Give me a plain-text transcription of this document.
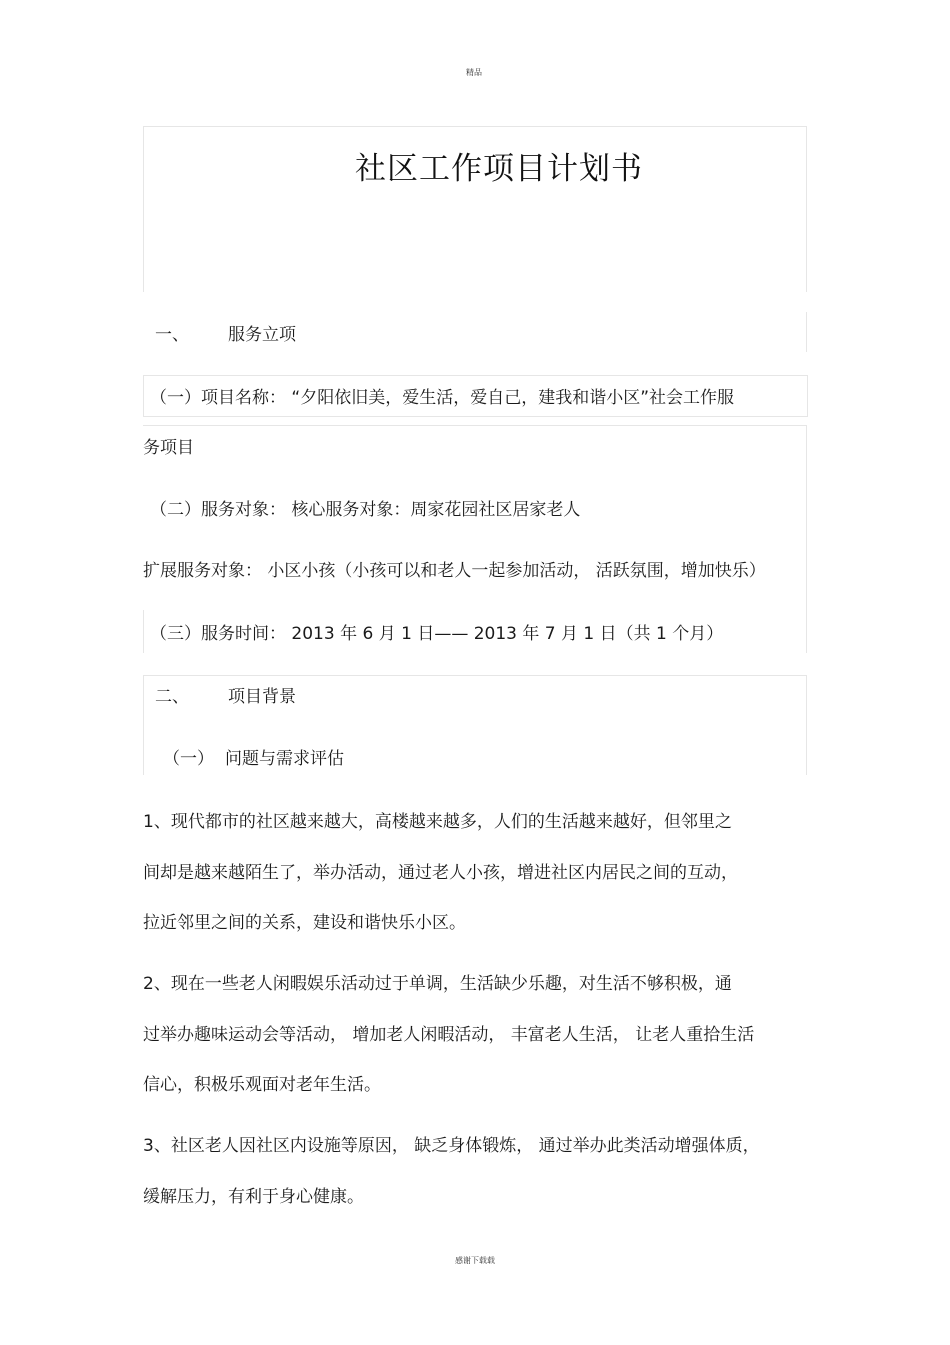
精品
社区工作项目计划书
一、 服务立项
（一）项目名称： “夕阳依旧美，爱生活，爱自己，建我和谐小区”社会工作服
务项目
（二）服务对象： 核心服务对象：周家花园社区居家老人
扩展服务对象： 小区小孩（小孩可以和老人一起参加活动， 活跃氛围，增加快乐）
（三）服务时间： 2013 年 6 月 1 日—— 2013 年 7 月 1 日（共 1 个月）
二、 项目背景
（一） 问题与需求评估
1、现代都市的社区越来越大，高楼越来越多，人们的生活越来越好，但邻里之
间却是越来越陌生了，举办活动，通过老人小孩，增进社区内居民之间的互动，
拉近邻里之间的关系，建设和谐快乐小区。
2、现在一些老人闲暇娱乐活动过于单调，生活缺少乐趣，对生活不够积极，通
过举办趣味运动会等活动， 增加老人闲暇活动， 丰富老人生活， 让老人重拾生活
信心，积极乐观面对老年生活。
3、社区老人因社区内设施等原因， 缺乏身体锻炼， 通过举办此类活动增强体质，
缓解压力，有利于身心健康。
感谢下载载
